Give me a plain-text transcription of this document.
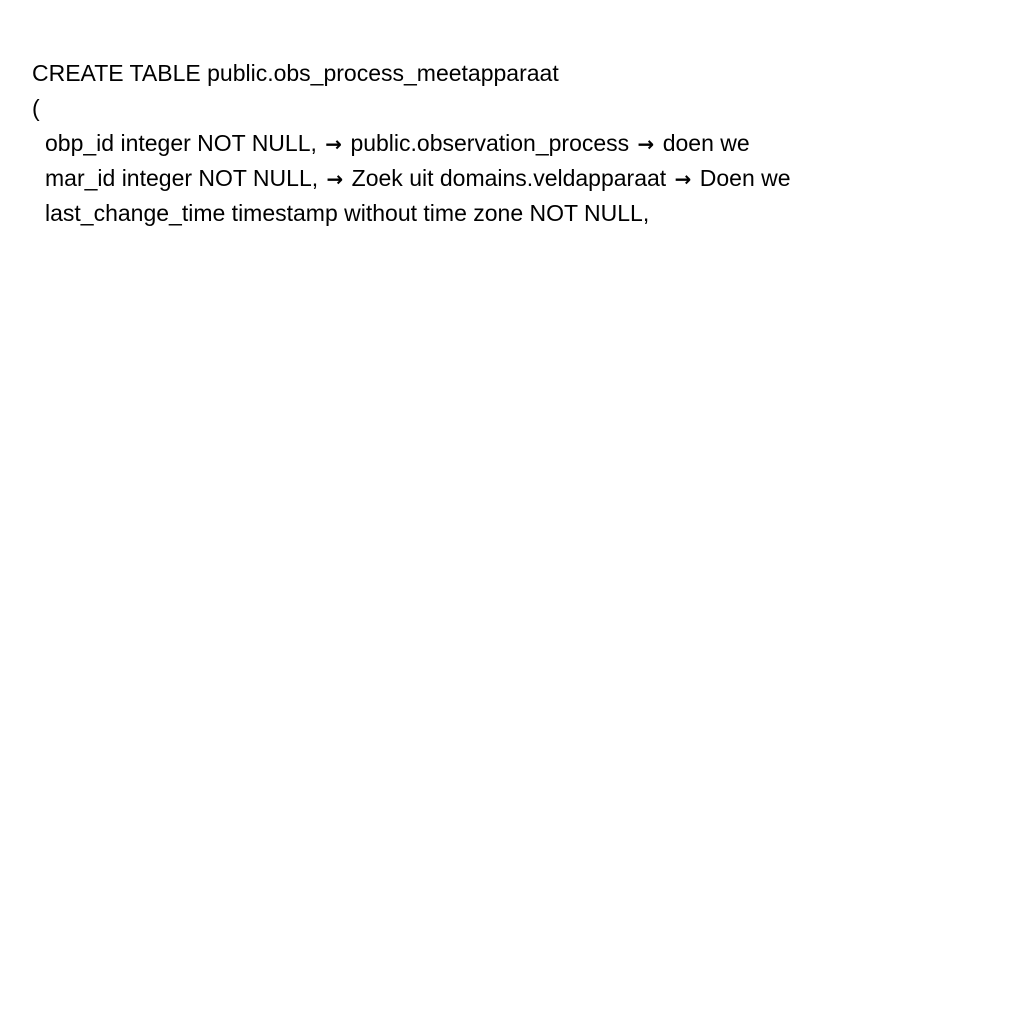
CREATE TABLE public.obs_process_meetapparaat
(
obp_id integer NOT NULL, → public.observation_process → doen we
mar_id integer NOT NULL, → Zoek uit domains.veldapparaat → Doen we
last_change_time timestamp without time zone NOT NULL,
